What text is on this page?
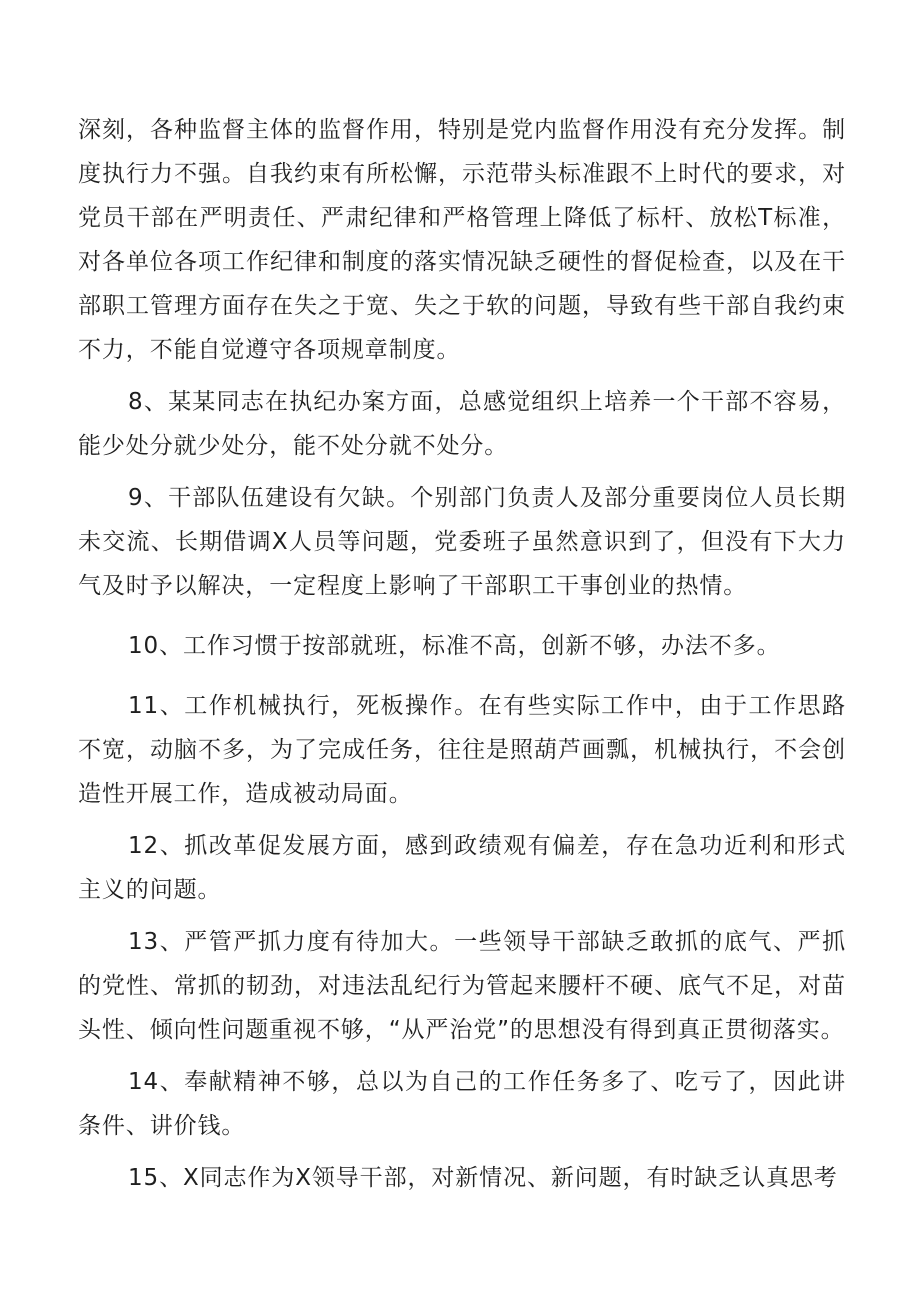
深刻，各种监督主体的监督作用，特别是党内监督作用没有充分发挥。制度执行力不强。自我约束有所松懈，示范带头标准跟不上时代的要求，对党员干部在严明责任、严肃纪律和严格管理上降低了标杆、放松T标准，对各单位各项工作纪律和制度的落实情况缺乏硬性的督促检查，以及在干部职工管理方面存在失之于宽、失之于软的问题，导致有些干部自我约束不力，不能自觉遵守各项规章制度。

8、某某同志在执纪办案方面，总感觉组织上培养一个干部不容易，能少处分就少处分，能不处分就不处分。

9、干部队伍建设有欠缺。个别部门负责人及部分重要岗位人员长期未交流、长期借调X人员等问题，党委班子虽然意识到了，但没有下大力气及时予以解决，一定程度上影响了干部职工干事创业的热情。

10、工作习惯于按部就班，标准不高，创新不够，办法不多。

11、工作机械执行，死板操作。在有些实际工作中，由于工作思路不宽，动脑不多，为了完成任务，往往是照葫芦画瓢，机械执行，不会创造性开展工作，造成被动局面。

12、抓改革促发展方面，感到政绩观有偏差，存在急功近利和形式主义的问题。

13、严管严抓力度有待加大。一些领导干部缺乏敢抓的底气、严抓的党性、常抓的韧劲，对违法乱纪行为管起来腰杆不硬、底气不足，对苗头性、倾向性问题重视不够，“从严治党”的思想没有得到真正贯彻落实。

14、奉献精神不够，总以为自己的工作任务多了、吃亏了，因此讲条件、讲价钱。

15、X同志作为X领导干部，对新情况、新问题，有时缺乏认真思考
